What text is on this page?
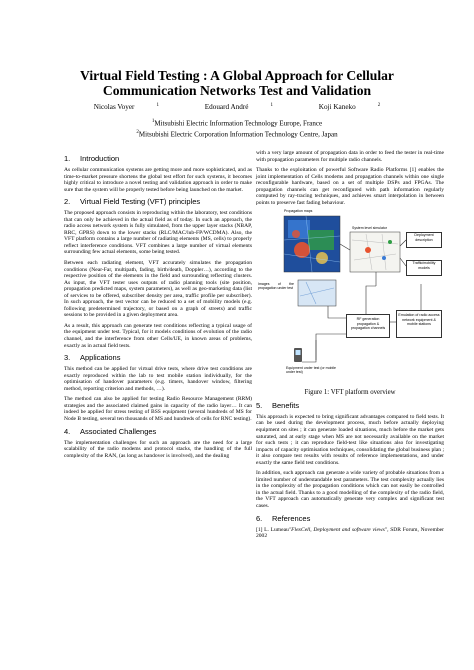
Virtual Field Testing : A Global Approach for Cellular
Communication Networks Test and Validation
Nicolas Voyer	$^1$	Edouard André	$^1$	Koji Kaneko	$^2$
$^1$Mitsubishi Electric Information Technology Europe, France
$^2$Mitsubishi Electric Corporation Information Technology Centre, Japan
1. Introduction

As cellular communication systems are getting more and more sophisticated, and as time-to-market pressure shortens the global test effort for such systems, it becomes highly critical to introduce a novel testing and validation approach in order to make sure that the system will be properly tested before being launched on the market.

2. Virtual Field Testing (VFT) principles

The proposed approach consists in reproducing within the laboratory, test conditions that can only be achieved in the actual field as of today. In such an approach, the radio access network system is fully simulated, from the upper layer stacks (NBAP, RRC, GPRS) down to the lower stacks (RLC/MAC/lub-FP/WCDMA). Also, the VFT platform contains a large number of radiating elements (MS, cells) to properly reflect interference conditions. VFT combines a large number of virtual elements surrounding few actual elements, some being tested.

Between each radiating element, VFT accurately simulates the propagation conditions (Near-Far, multipath, fading, birth/death, Doppler…), according to the respective position of the elements in the field and surrounding reflecting clusters. As input, the VFT tester uses outputs of radio planning tools (site position, propagation predicted maps, system parameters), as well as geo-marketing data (list of services to be offered, subscriber density per area, traffic profile per subscriber). In such approach, the test vector can be reduced to a set of mobility models (e.g. following predetermined trajectory, or based on a graph of streets) and traffic sessions to be provided in a given deployment area.

As a result, this approach can generate test conditions reflecting a typical usage of the equipment under test. Typical, for it models conditions of evolution of the radio channel, and the interference from other Cells/UE, in known areas of problems, exactly as in actual field tests.

3. Applications

This method can be applied for virtual drive tests, where drive test conditions are exactly reproduced within the lab to test mobile station individually, for the optimisation of handover parameters (e.g. timers, handover window, filtering method, reporting criterion and methods, …).

The method can also be applied for testing Radio Resource Management (RRM) strategies and the associated claimed gains in capacity of the radio layer… It can indeed be applied for stress testing of BSS equipment (several hundreds of MS for Node B testing, several ten thousands of MS and hundreds of cells for RNC testing).

4. Associated Challenges

The implementation challenges for such an approach are the need for a large scalability of the radio modems and protocol stacks, the handling of the full complexity of the RAN, (as long as handover is involved), and the dealing

with a very large amount of propagation data in order to feed the tester in real-time with propagation parameters for multiple radio channels.

Thanks to the exploitation of powerful Software Radio Platforms [1] enables the joint implementation of Cells modems and propagation channels within one single reconfigurable hardware, based on a set of multiple DSPs and FPGAs. The propagation channels can get reconfigured with path information regularly computed by ray-tracing techniques, and achieves smart interpolation in between points to preserve fast fading behaviour.

Propagation maps
System level simulator
Deployment description
Traffic/mobility models
Images of the propagation under test
RF generation propagation & propagation channels
Emulation of radio access network equipment & mobile stations
Equipment under test (or mobile under test)
Figure 1: VFT platform overview
5. Benefits

This approach is expected to bring significant advantages compared to field tests. It can be used during the development process, much before actually deploying equipment on sites ; it can generate loaded situations, much before the market gets saturated, and at early stage when MS are not necessarily available on the market for such tests ; it can reproduce field-test like situations also for investigating impacts of capacity optimisation techniques, consolidating the global business plan ; it also compare test results with results of reference implementations, and under exactly the same field test conditions.

In addition, such approach can generate a wide variety of probable situations from a limited number of understandable test parameters. The test complexity actually lies in the complexity of the propagation conditions which can not easily be controlled in the actual field. Thanks to a good modelling of the complexity of the radio field, the VFT approach can automatically generate very complex and significant test cases.

6. References

[1] L. Lumeau"FlexCell, Deployment and software views", SDR Forum, November 2002
